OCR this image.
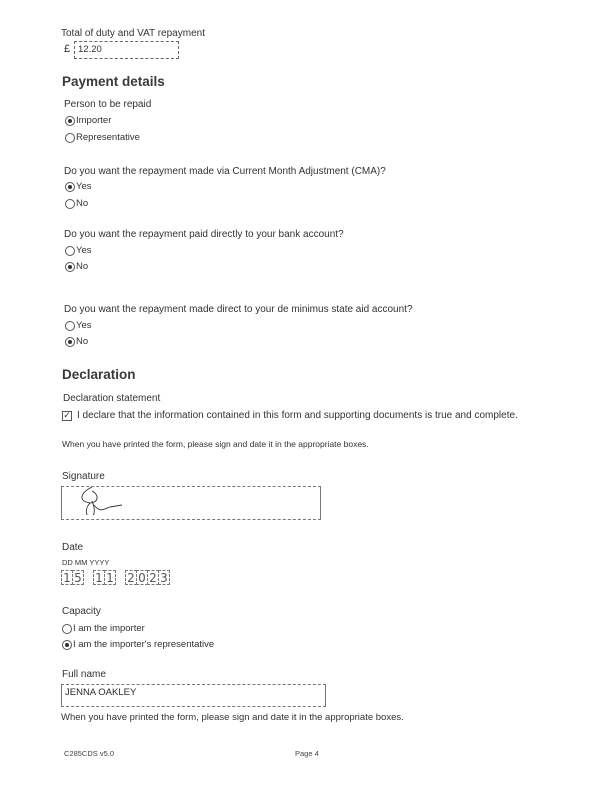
Total of duty and VAT repayment
£ 12.20
Payment details
Person to be repaid
Importer
Representative
Do you want the repayment made via Current Month Adjustment (CMA)?
Yes
No
Do you want the repayment paid directly to your bank account?
Yes
No
Do you want the repayment made direct to your de minimus state aid account?
Yes
No
Declaration
Declaration statement
✓ I declare that the information contained in this form and supporting documents is true and complete.
When you have printed the form, please sign and date it in the appropriate boxes.
Signature
Date
DD MM YYYY
1 5 1 1 2 0 2 3
Capacity
I am the importer
I am the importer's representative
Full name
JENNA OAKLEY
When you have printed the form, please sign and date it in the appropriate boxes.
C285CDS v5.0	Page 4
